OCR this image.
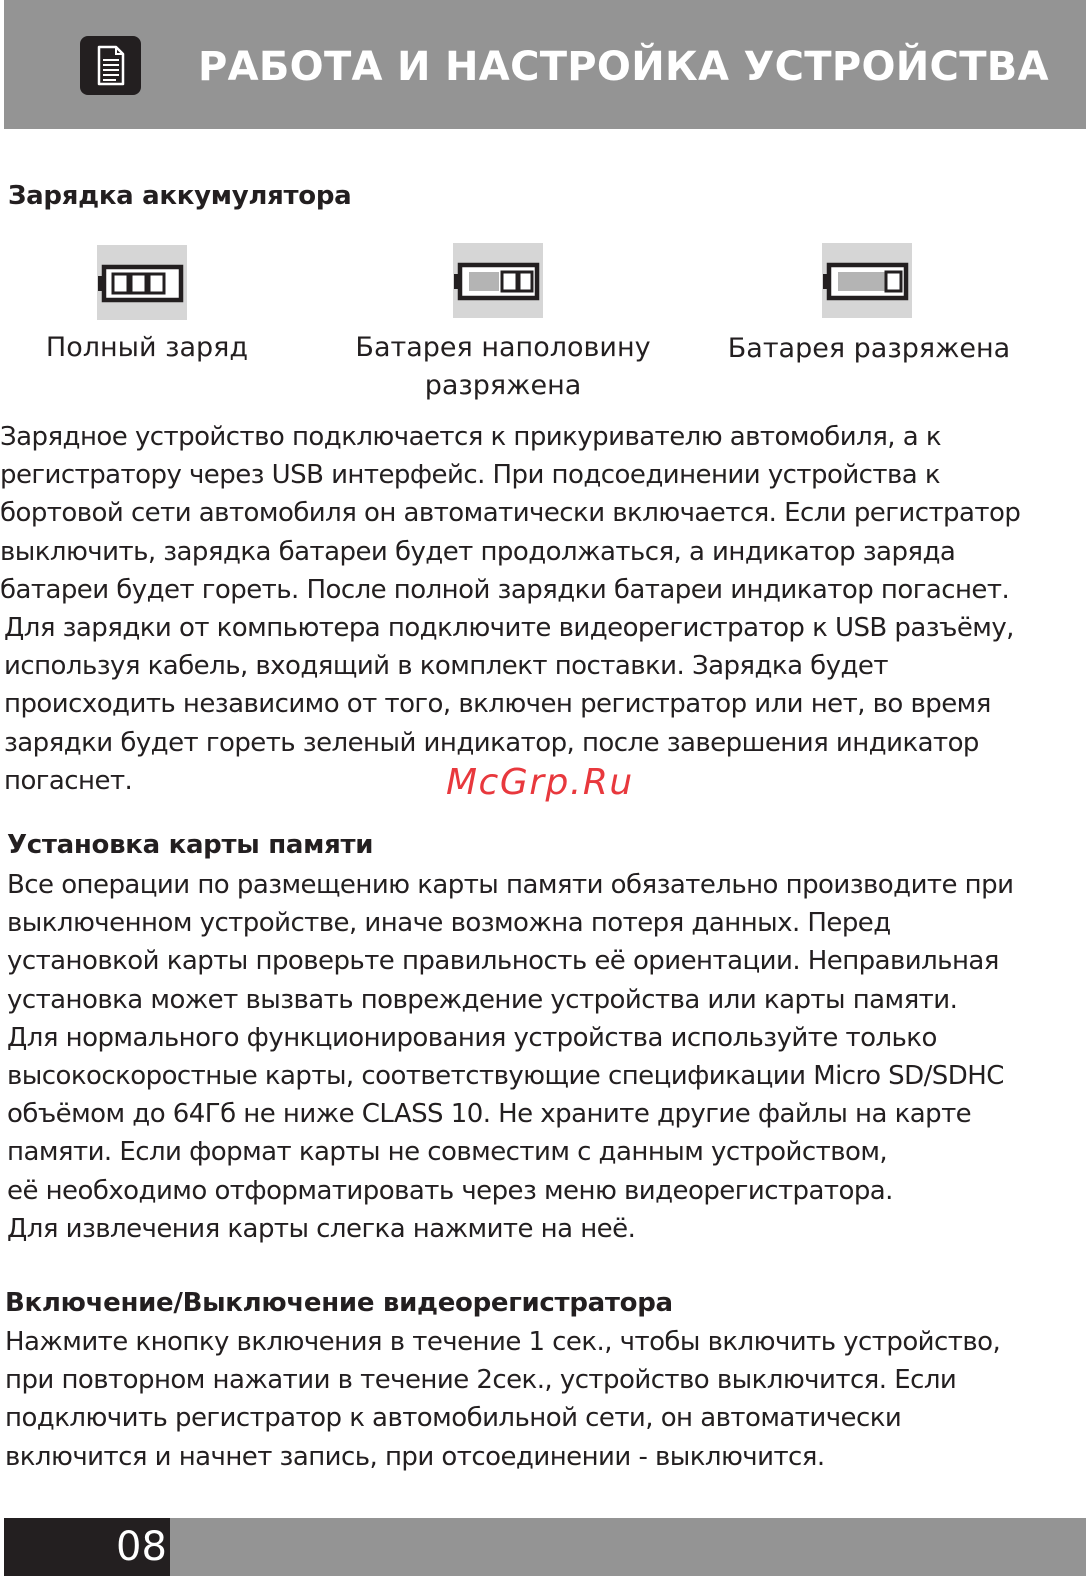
РАБОТА И НАСТРОЙКА УСТРОЙСТВА
Зарядка аккумулятора
Полный заряд	Батарея наполовину
разряжена
Батарея разряжена
Зарядное устройство подключается к прикуривателю автомобиля, а к
регистратору через USB интерфейс. При подсоединении устройства к
бортовой сети автомобиля он автоматически включается. Если регистратор
выключить, зарядка батареи будет продолжаться, а индикатор заряда
батареи будет гореть. После полной зарядки батареи индикатор погаснет.
Для зарядки от компьютера подключите видеорегистратор к USB разъёму,
используя кабель, входящий в комплект поставки. Зарядка будет
происходить независимо от того, включен регистратор или нет, во время
зарядки будет гореть зеленый индикатор, после завершения индикатор
погаснет.	McGrp.Ru
Установка карты памяти
Все операции по размещению карты памяти обязательно производите при
выключенном устройстве, иначе возможна потеря данных. Перед
установкой карты проверьте правильность её ориентации. Неправильная
установка может вызвать повреждение устройства или карты памяти.
Для нормального функционирования устройства используйте только
высокоскоростные карты, соответствующие спецификации Micro SD/SDHC
объёмом до 64Гб не ниже CLASS 10. Не храните другие файлы на карте
памяти. Если формат карты не совместим с данным устройством,
её необходимо отформатировать через меню видеорегистратора.
Для извлечения карты слегка нажмите на неё.
Включение/Выключение видеорегистратора
Нажмите кнопку включения в течение 1 сек., чтобы включить устройство,
при повторном нажатии в течение 2сек., устройство выключится. Если
подключить регистратор к автомобильной сети, он автоматически
включится и начнет запись, при отсоединении - выключится.
08
